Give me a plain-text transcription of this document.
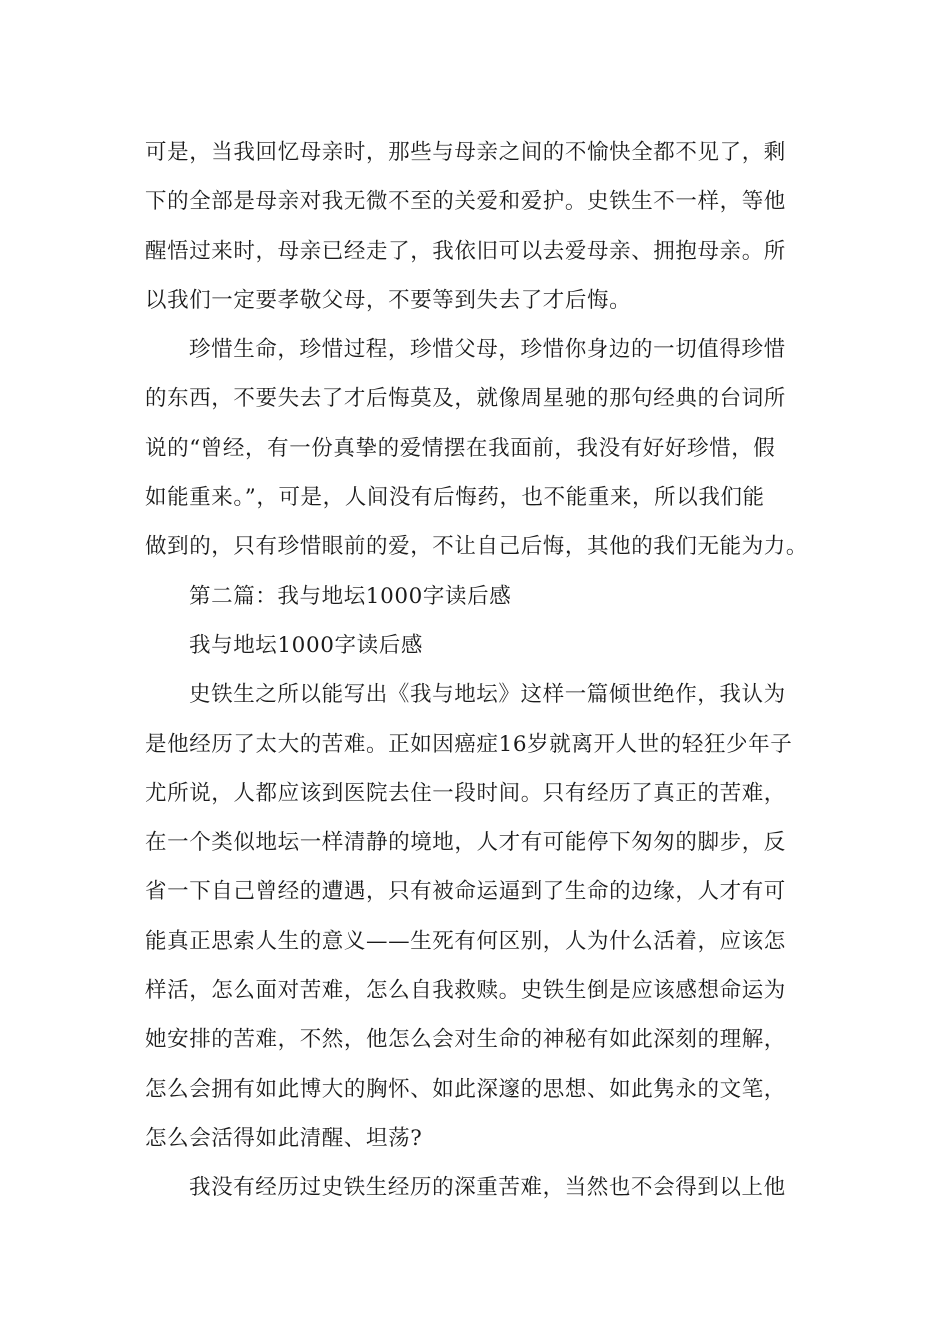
可是，当我回忆母亲时，那些与母亲之间的不愉快全都不见了，剩
下的全部是母亲对我无微不至的关爱和爱护。史铁生不一样，等他
醒悟过来时，母亲已经走了，我依旧可以去爱母亲、拥抱母亲。所
以我们一定要孝敬父母，不要等到失去了才后悔。
珍惜生命，珍惜过程，珍惜父母，珍惜你身边的一切值得珍惜
的东西，不要失去了才后悔莫及，就像周星驰的那句经典的台词所
说的“曾经，有一份真挚的爱情摆在我面前，我没有好好珍惜，假
如能重来。”，可是，人间没有后悔药，也不能重来，所以我们能
做到的，只有珍惜眼前的爱，不让自己后悔，其他的我们无能为力。
第二篇：我与地坛1000字读后感
我与地坛1000字读后感
史铁生之所以能写出《我与地坛》这样一篇倾世绝作，我认为
是他经历了太大的苦难。正如因癌症16岁就离开人世的轻狂少年子
尤所说，人都应该到医院去住一段时间。只有经历了真正的苦难，
在一个类似地坛一样清静的境地，人才有可能停下匆匆的脚步，反
省一下自己曾经的遭遇，只有被命运逼到了生命的边缘，人才有可
能真正思索人生的意义——生死有何区别，人为什么活着，应该怎
样活，怎么面对苦难，怎么自我救赎。史铁生倒是应该感想命运为
她安排的苦难，不然，他怎么会对生命的神秘有如此深刻的理解，
怎么会拥有如此博大的胸怀、如此深邃的思想、如此隽永的文笔，
怎么会活得如此清醒、坦荡?
我没有经历过史铁生经历的深重苦难，当然也不会得到以上他
